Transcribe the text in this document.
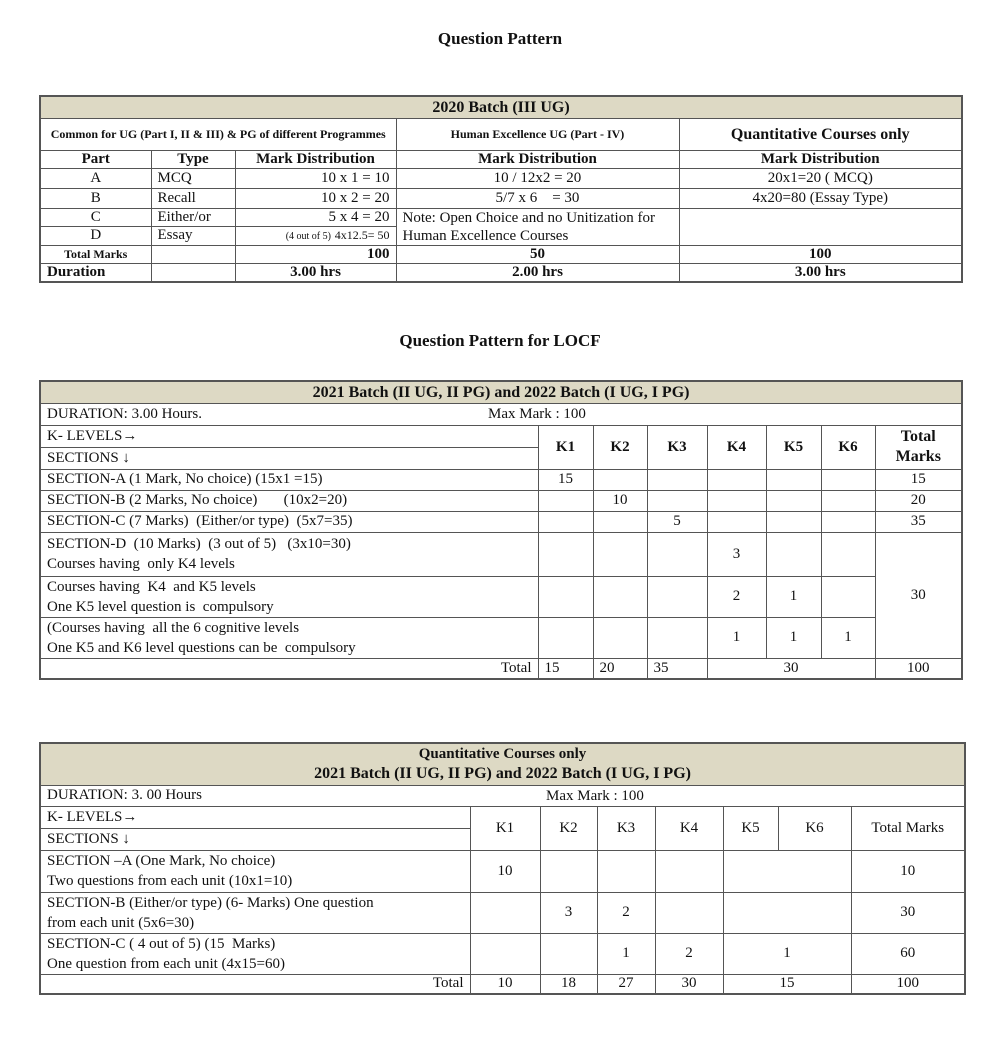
Question Pattern
2020 Batch (III UG)				
Common for UG (Part I, II & III) & PG of different Programmes			Human Excellence UG (Part - IV)	Quantitative Courses only
Part	Type	Mark Distribution	Mark Distribution	Mark Distribution
A	MCQ	10 x 1 = 10	10 / 12x2 = 20	20x1=20 ( MCQ)
B	Recall	10 x 2 = 20	5/7 x 6    = 30	4x20=80 (Essay Type)
C	Either/or	5 x 4 = 20	Note: Open Choice and no Unitization for
Human Excellence Courses	

D	Essay	(4 out of 5) 4x12.5= 50		
Total Marks		100	50	100
Duration		3.00 hrs	2.00 hrs	3.00 hrs
Question Pattern for LOCF
2021 Batch (II UG, II PG) and 2022 Batch (I UG, I PG)							
DURATION: 3.00 Hours. Max Mark : 100							

K- LEVELS→	K1	K2	K3	K4	K5	K6	Total Marks
SECTIONS ↓							
SECTION-A (1 Mark, No choice) (15x1 =15)	15						15
SECTION-B (2 Marks, No choice)       (10x2=20)		10					20
SECTION-C (7 Marks)  (Either/or type)  (5x7=35)			5				35

SECTION-D  (10 Marks)  (3 out of 5)   (3x10=30)
Courses having  only K4 levels				3			30

Courses having  K4  and K5 levels
One K5 level question is  compulsory				2	1		

(Courses having  all the 6 cognitive levels
One K5 and K6 level questions can be  compulsory				1	1	1	
Total	15	20	35	30			100
Quantitative Courses only
2021 Batch (II UG, II PG) and 2022 Batch (I UG, I PG)							

DURATION: 3. 00 Hours Max Mark : 100							

K- LEVELS→	K1	K2	K3	K4	K5	K6	Total Marks
SECTIONS ↓							

SECTION –A (One Mark, No choice)
Two questions from each unit (10x1=10)	10						10

SECTION-B (Either/or type) (6- Marks) One question
from each unit (5x6=30)		3	2				30

SECTION-C ( 4 out of 5) (15  Marks)
One question from each unit (4x15=60)			1	2	1		60
Total	10	18	27	30	15		100
